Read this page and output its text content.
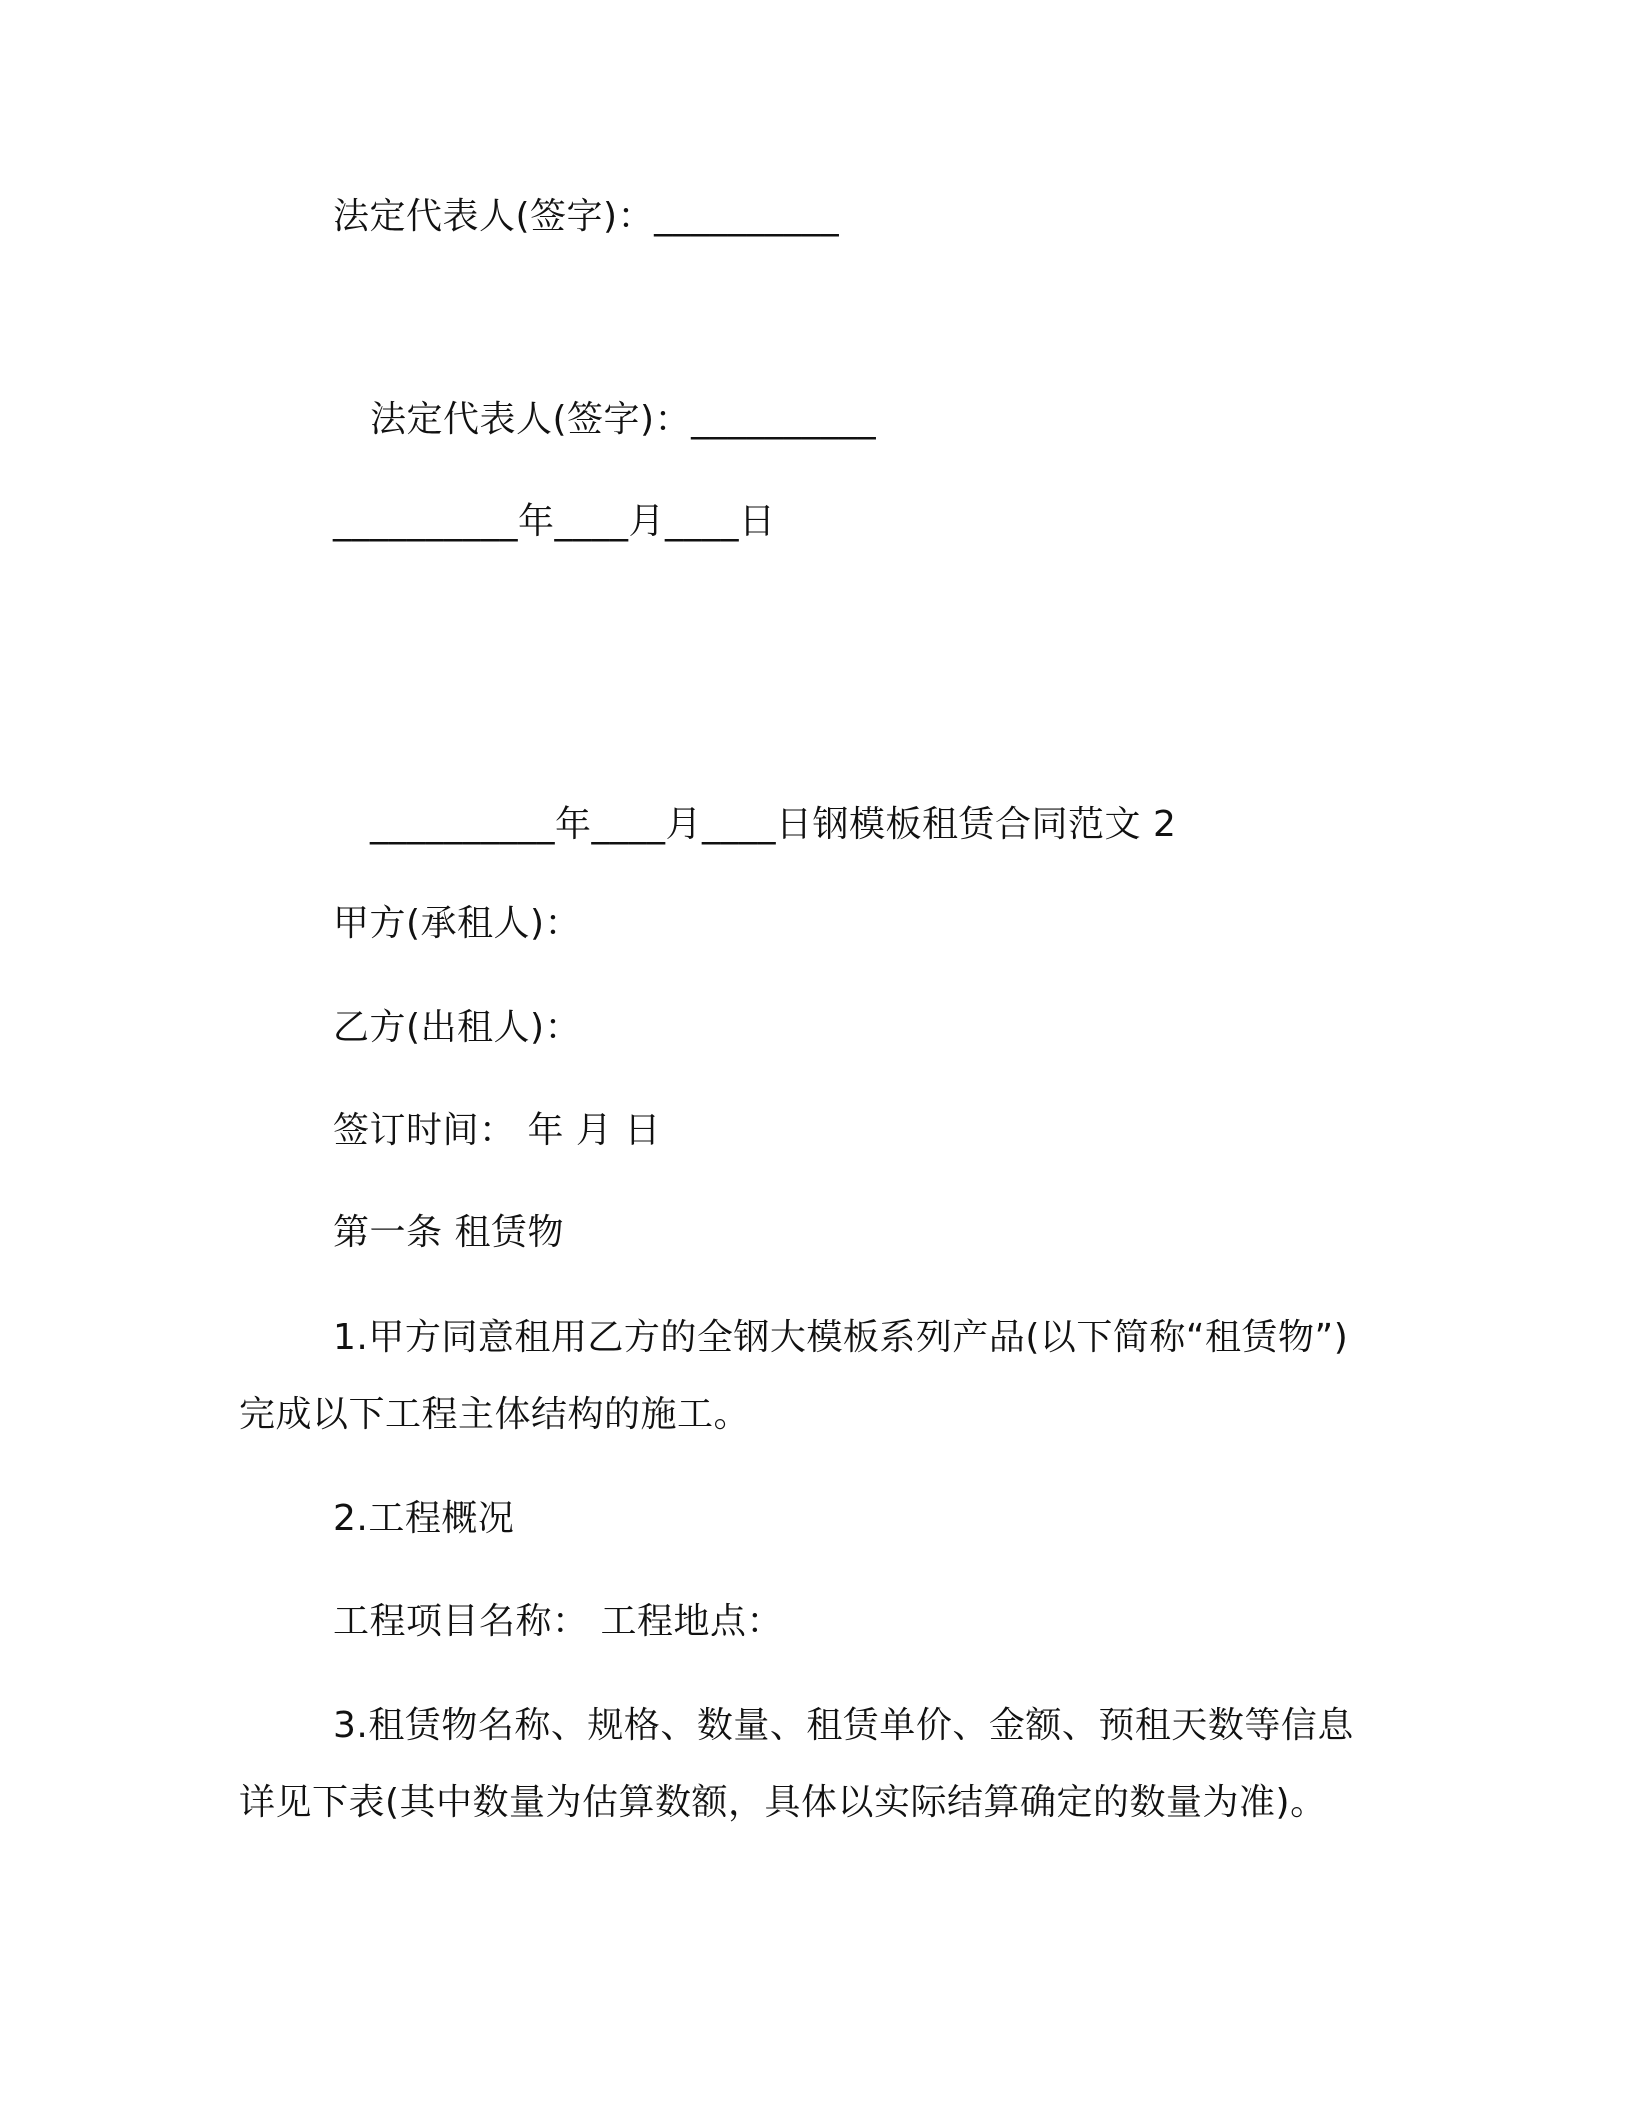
法定代表人(签字)：__________
法定代表人(签字)：__________
__________年____月____日
__________年____月____日钢模板租赁合同范文 2
甲方(承租人)：
乙方(出租人)：
签订时间： 年 月 日
第一条 租赁物
1.甲方同意租用乙方的全钢大模板系列产品(以下简称“租赁物”)
完成以下工程主体结构的施工。
2.工程概况
工程项目名称： 工程地点：
3.租赁物名称、规格、数量、租赁单价、金额、预租天数等信息
详见下表(其中数量为估算数额，具体以实际结算确定的数量为准)。
